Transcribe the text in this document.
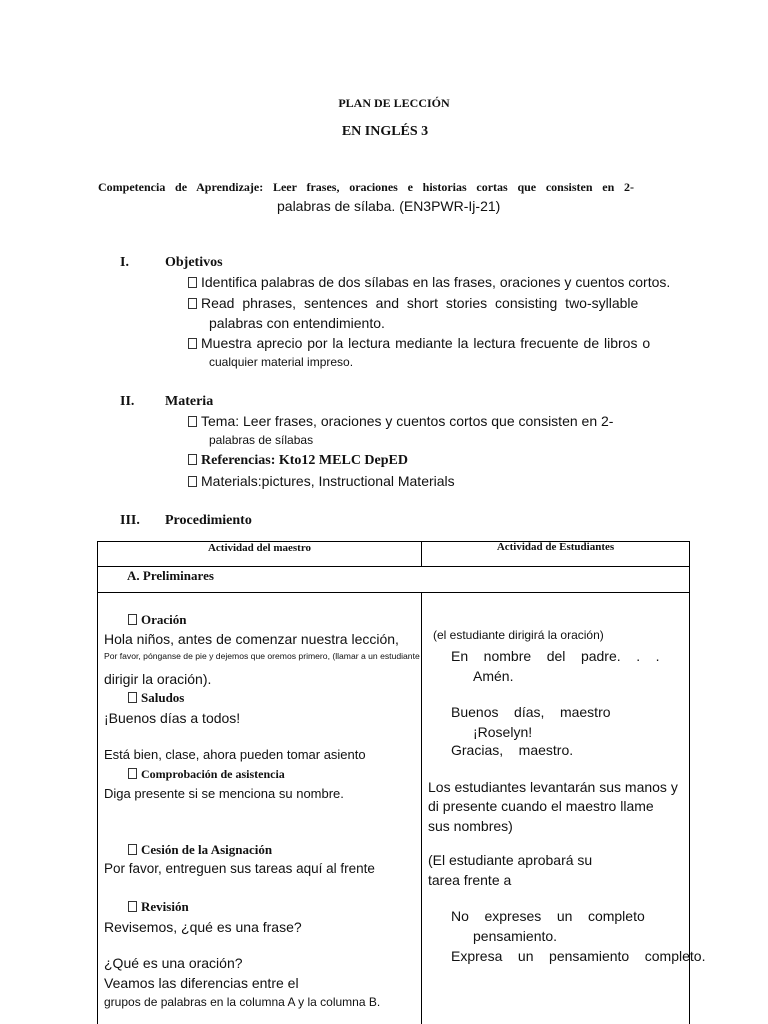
PLAN DE LECCIÓN
EN INGLÉS 3
Competencia de Aprendizaje: Leer frases, oraciones e historias cortas que consisten en 2-
palabras de sílaba. (EN3PWR-Ij-21)
I.	Objetivos
Identifica palabras de dos sílabas en las frases, oraciones y cuentos cortos.
Read phrases, sentences and short stories consisting two-syllable
palabras con entendimiento.
Muestra aprecio por la lectura mediante la lectura frecuente de libros o
cualquier material impreso.
II. Materia
Tema: Leer frases, oraciones y cuentos cortos que consisten en 2-
palabras de sílabas
Referencias: Kto12 MELC DepED
Materials:pictures, Instructional Materials
III. Procedimiento
Actividad del maestro	Actividad de Estudiantes
A. Preliminares
Oración
Hola niños, antes de comenzar nuestra lección,
Por favor, pónganse de pie y dejemos que oremos primero, (llamar a un estudiante
dirigir la oración).
Saludos
¡Buenos días a todos!
Está bien, clase, ahora pueden tomar asiento
Comprobación de asistencia
Diga presente si se menciona su nombre.
Cesión de la Asignación
Por favor, entreguen sus tareas aquí al frente
Revisión
Revisemos, ¿qué es una frase?
¿Qué es una oración?
Veamos las diferencias entre el
grupos de palabras en la columna A y la columna B.
(el estudiante dirigirá la oración)
En    nombre    del    padre.    .    .
Amén.
Buenos    días,    maestro
¡Roselyn!
Gracias,    maestro.
Los estudiantes levantarán sus manos y
di presente cuando el maestro llame
sus nombres)
(El estudiante aprobará su
tarea frente a
No    expreses    un    completo
pensamiento.
Expresa    un    pensamiento    completo.
